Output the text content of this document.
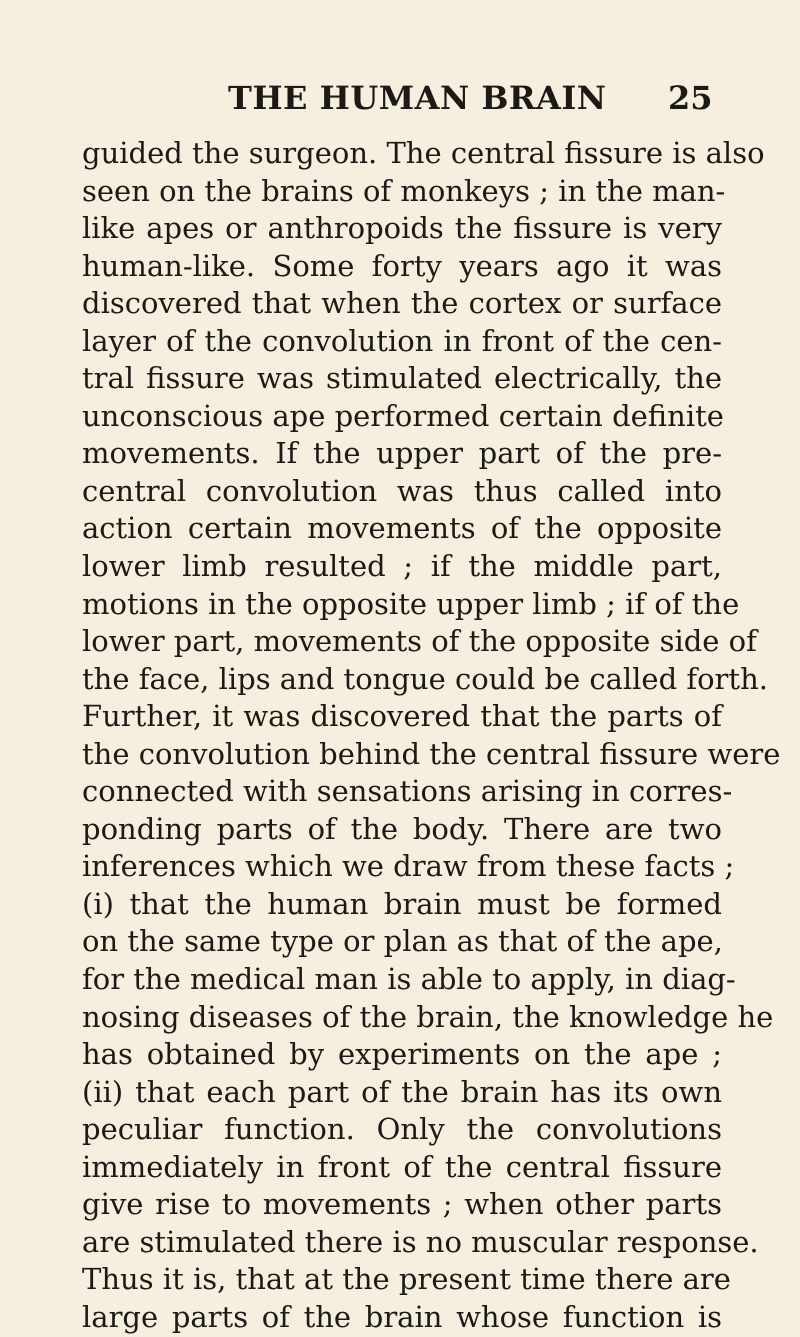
THE HUMAN BRAIN 25
guided the surgeon. The central fissure is also
seen on the brains of monkeys ; in the man-
like apes or anthropoids the fissure is very
human-like. Some forty years ago it was
discovered that when the cortex or surface
layer of the convolution in front of the cen-
tral fissure was stimulated electrically, the
unconscious ape performed certain definite
movements. If the upper part of the pre-
central convolution was thus called into
action certain movements of the opposite
lower limb resulted ; if the middle part,
motions in the opposite upper limb ; if of the
lower part, movements of the opposite side of
the face, lips and tongue could be called forth.
Further, it was discovered that the parts of
the convolution behind the central fissure were
connected with sensations arising in corres-
ponding parts of the body. There are two
inferences which we draw from these facts ;
(i) that the human brain must be formed
on the same type or plan as that of the ape,
for the medical man is able to apply, in diag-
nosing diseases of the brain, the knowledge he
has obtained by experiments on the ape ;
(ii) that each part of the brain has its own
peculiar function. Only the convolutions
immediately in front of the central fissure
give rise to movements ; when other parts
are stimulated there is no muscular response.
Thus it is, that at the present time there are
large parts of the brain whose function is
